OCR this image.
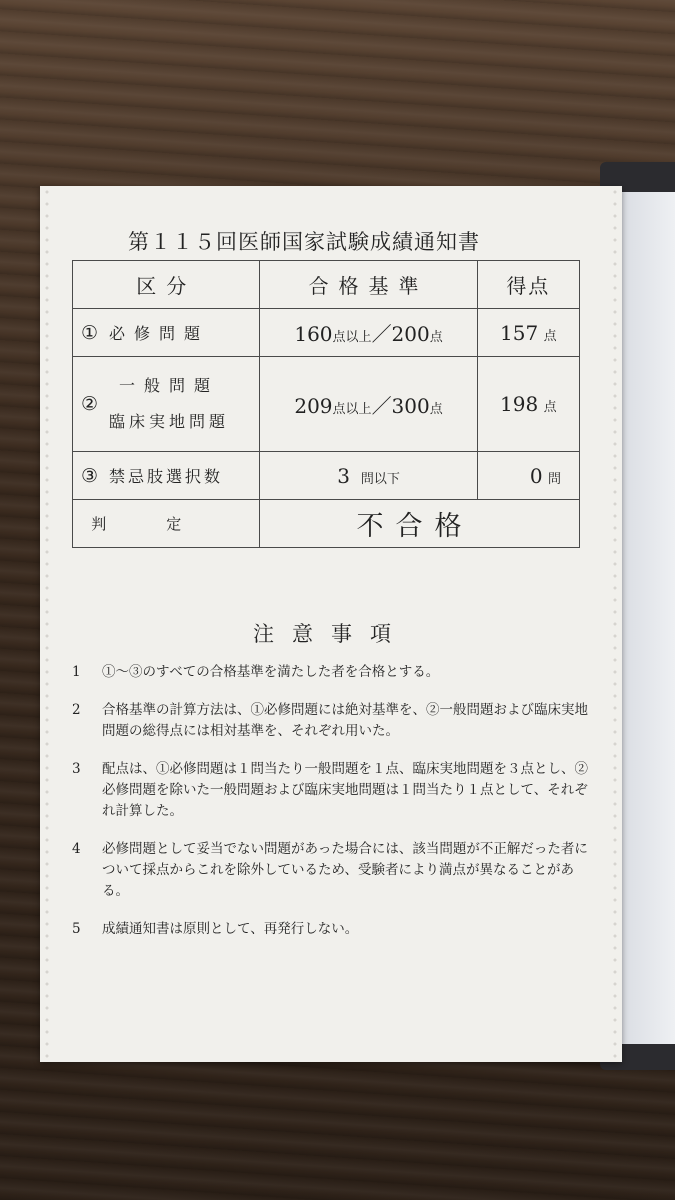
第１１５回医師国家試験成績通知書
区分	合格基準	得点
① 必修問題	160点以上／200点	157 点
②一般問題
臨床実地問題	209点以上／300点	198 点
③ 禁忌肢選択数	3 問以下	0 問
判定	不合格	
注意事項
1	①〜③のすべての合格基準を満たした者を合格とする。
2	合格基準の計算方法は、①必修問題には絶対基準を、②一般問題および臨床実地問題の総得点には相対基準を、それぞれ用いた。
3	配点は、①必修問題は１問当たり一般問題を１点、臨床実地問題を３点とし、②必修問題を除いた一般問題および臨床実地問題は１問当たり１点として、それぞれ計算した。
4	必修問題として妥当でない問題があった場合には、該当問題が不正解だった者について採点からこれを除外しているため、受験者により満点が異なることがある。
5	成績通知書は原則として、再発行しない。
